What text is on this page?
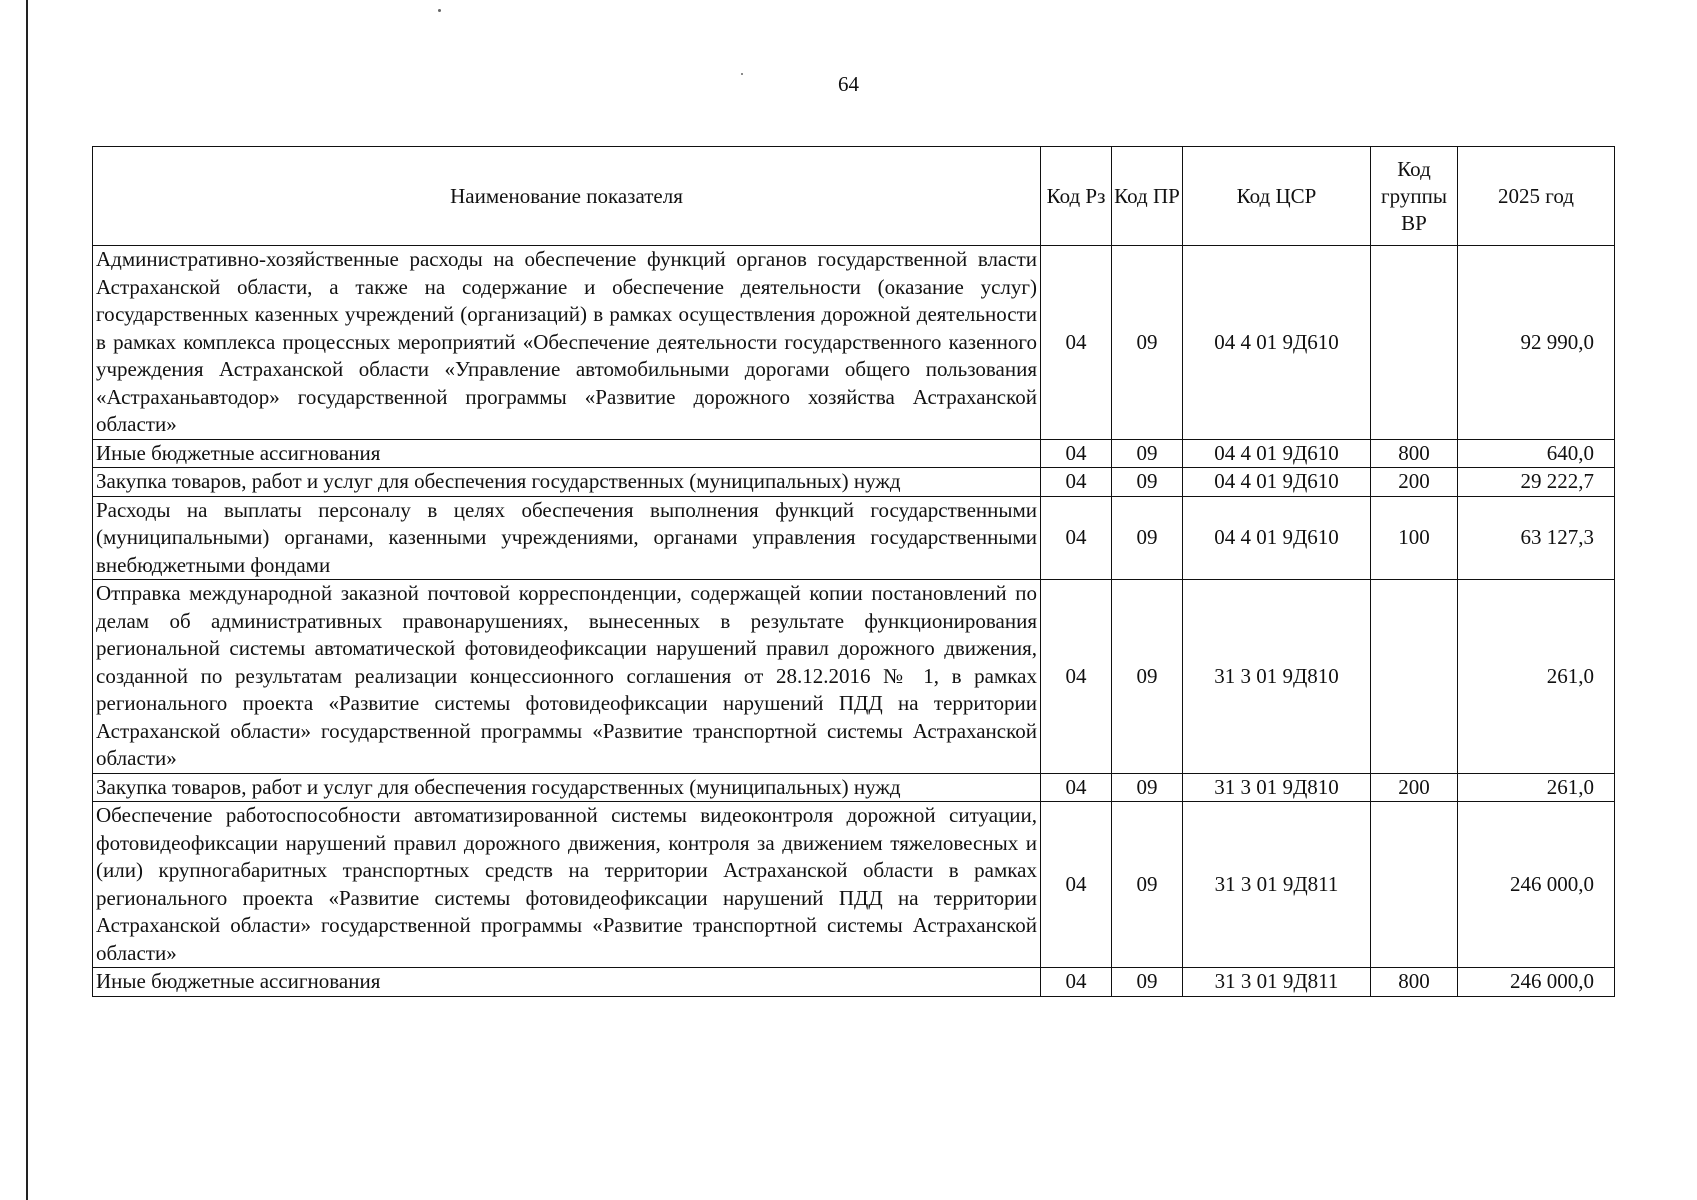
64
Наименование показателя	Код Рз	Код ПР	Код ЦСР	Код группы ВР	2025 год
Административно-хозяйственные расходы на обеспечение функций органов государственной власти Астраханской области, а также на содержание и обеспечение деятельности (оказание услуг) государственных казенных учреждений (организаций) в рамках осуществления дорожной деятельности в рамках комплекса процессных мероприятий «Обеспечение деятельности государственного казенного учреждения Астраханской области «Управление автомобильными дорогами общего пользования «Астраханьавтодор» государственной программы «Развитие дорожного хозяйства Астраханской области»	04	09	04 4 01 9Д610		92 990,0
Иные бюджетные ассигнования	04	09	04 4 01 9Д610	800	640,0
Закупка товаров, работ и услуг для обеспечения государственных (муниципальных) нужд	04	09	04 4 01 9Д610	200	29 222,7
Расходы на выплаты персоналу в целях обеспечения выполнения функций государственными (муниципальными) органами, казенными учреждениями, органами управления государственными внебюджетными фондами	04	09	04 4 01 9Д610	100	63 127,3
Отправка международной заказной почтовой корреспонденции, содержащей копии постановлений по делам об административных правонарушениях, вынесенных в результате функционирования региональной системы автоматической фотовидеофиксации нарушений правил дорожного движения, созданной по результатам реализации концессионного соглашения от 28.12.2016 № 1, в рамках регионального проекта «Развитие системы фотовидеофиксации нарушений ПДД на территории Астраханской области» государственной программы «Развитие транспортной системы Астраханской области»	04	09	31 3 01 9Д810		261,0
Закупка товаров, работ и услуг для обеспечения государственных (муниципальных) нужд	04	09	31 3 01 9Д810	200	261,0
Обеспечение работоспособности автоматизированной системы видеоконтроля дорожной ситуации, фотовидеофиксации нарушений правил дорожного движения, контроля за движением тяжеловесных и (или) крупногабаритных транспортных средств на территории Астраханской области в рамках регионального проекта «Развитие системы фотовидеофиксации нарушений ПДД на территории Астраханской области» государственной программы «Развитие транспортной системы Астраханской области»	04	09	31 3 01 9Д811		246 000,0
Иные бюджетные ассигнования	04	09	31 3 01 9Д811	800	246 000,0
